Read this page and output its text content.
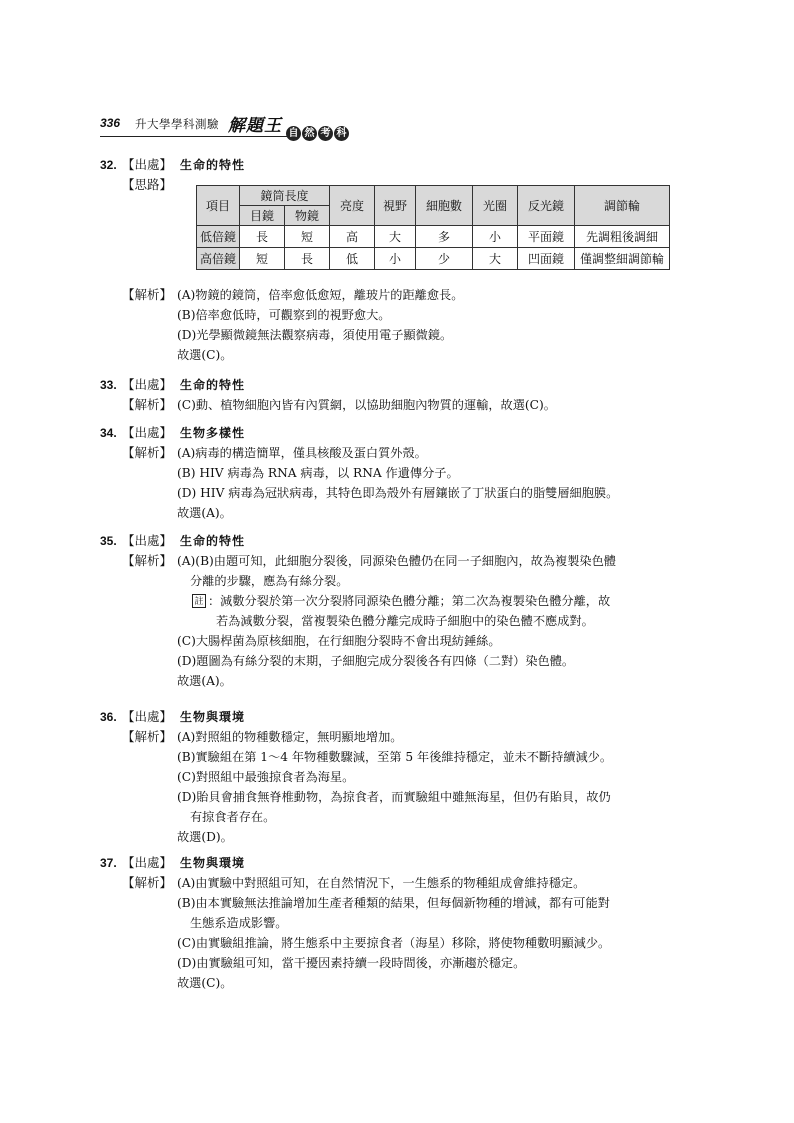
336 升大學學科測驗 解題王 自 然 考 科
32. 【出處】 生命的特性
【思路】
項目	鏡筒長度		亮度	視野	細胞數	光圈	反光鏡	調節輪
	目鏡	物鏡						
低倍鏡	長	短	高	大	多	小	平面鏡	先調粗後調細
高倍鏡	短	長	低	小	少	大	凹面鏡	僅調整細調節輪
【解析】 (A)物鏡的鏡筒，倍率愈低愈短，離玻片的距離愈長。
(B)倍率愈低時，可觀察到的視野愈大。
(D)光學顯微鏡無法觀察病毒，須使用電子顯微鏡。
故選(C)。
33. 【出處】 生命的特性
【解析】 (C)動、植物細胞內皆有內質網，以協助細胞內物質的運輸，故選(C)。
34. 【出處】 生物多樣性
【解析】 (A)病毒的構造簡單，僅具核酸及蛋白質外殼。
(B) HIV 病毒為 RNA 病毒，以 RNA 作遺傳分子。
(D) HIV 病毒為冠狀病毒，其特色即為殼外有層鑲嵌了丁狀蛋白的脂雙層細胞膜。
故選(A)。
35. 【出處】 生命的特性
【解析】 (A)(B)由題可知，此細胞分裂後，同源染色體仍在同一子細胞內，故為複製染色體
分離的步驟，應為有絲分裂。
註 ：減數分裂於第一次分裂將同源染色體分離；第二次為複製染色體分離，故
若為減數分裂，當複製染色體分離完成時子細胞中的染色體不應成對。
(C)大腸桿菌為原核細胞，在行細胞分裂時不會出現紡錘絲。
(D)題圖為有絲分裂的末期，子細胞完成分裂後各有四條（二對）染色體。
故選(A)。
36. 【出處】 生物與環境
【解析】 (A)對照組的物種數穩定，無明顯地增加。
(B)實驗組在第 1～4 年物種數驟減，至第 5 年後維持穩定，並未不斷持續減少。
(C)對照組中最強掠食者為海星。
(D)貽貝會捕食無脊椎動物，為掠食者，而實驗組中雖無海星，但仍有貽貝，故仍
有掠食者存在。
故選(D)。
37. 【出處】 生物與環境
【解析】 (A)由實驗中對照組可知，在自然情況下，一生態系的物種組成會維持穩定。
(B)由本實驗無法推論增加生產者種類的結果，但每個新物種的增減，都有可能對
生態系造成影響。
(C)由實驗組推論，將生態系中主要掠食者（海星）移除，將使物種數明顯減少。
(D)由實驗組可知，當干擾因素持續一段時間後，亦漸趨於穩定。
故選(C)。
